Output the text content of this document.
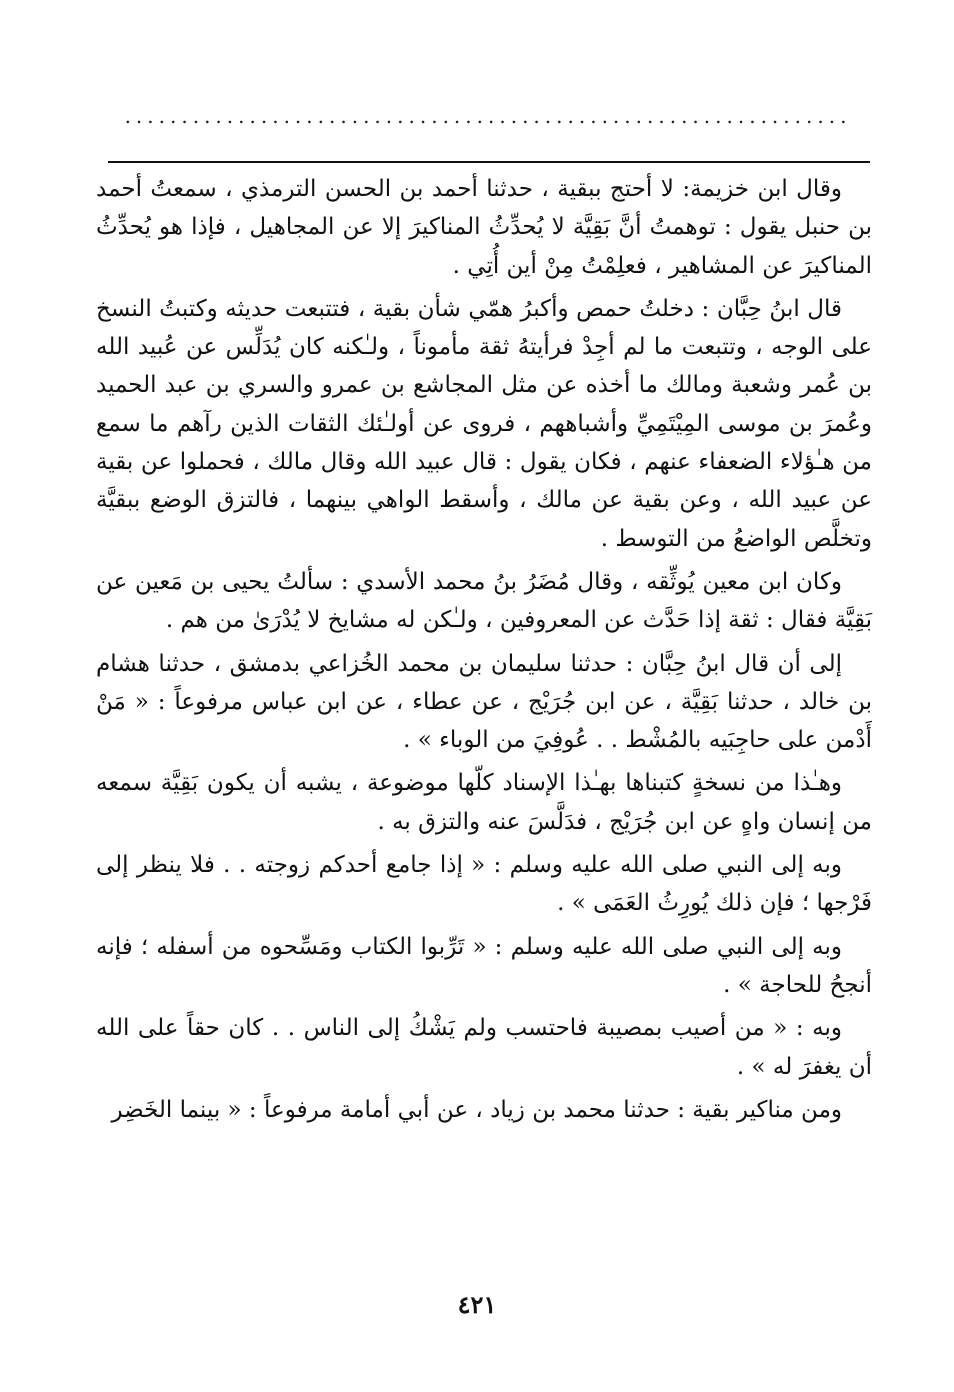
................................................................

وقال ابن خزيمة: لا أحتج ببقية ، حدثنا أحمد بن الحسن الترمذي ، سمعتُ أحمد بن حنبل يقول : توهمتُ أنَّ بَقِيَّة لا يُحدِّثُ المناكيرَ إلا عن المجاهيل ، فإذا هو يُحدِّثُ المناكيرَ عن المشاهير ، فعلِمْتُ مِنْ أين أُتِي .

قال ابنُ حِبَّان : دخلتُ حمص وأكبرُ همّي شأن بقية ، فتتبعت حديثه وكتبتُ النسخ على الوجه ، وتتبعت ما لم أجِدْ فرأيتهُ ثقة مأموناً ، ولـٰكنه كان يُدَلِّس عن عُبيد الله بن عُمر وشعبة ومالك ما أخذه عن مثل المجاشع بن عمرو والسري بن عبد الحميد وعُمرَ بن موسى المِيْتَمِيِّ وأشباههم ، فروى عن أولـٰئك الثقات الذين رآهم ما سمع من هـٰؤلاء الضعفاء عنهم ، فكان يقول : قال عبيد الله وقال مالك ، فحملوا عن بقية عن عبيد الله ، وعن بقية عن مالك ، وأسقط الواهي بينهما ، فالتزق الوضع ببقيَّة وتخلَّص الواضعُ من التوسط .

وكان ابن معين يُوثِّقه ، وقال مُضَرُ بنُ محمد الأسدي : سألتُ يحيى بن مَعين عن بَقِيَّة فقال : ثقة إذا حَدَّث عن المعروفين ، ولـٰكن له مشايخ لا يُدْرَىٰ من هم .

إلى أن قال ابنُ حِبَّان : حدثنا سليمان بن محمد الخُزاعي بدمشق ، حدثنا هشام بن خالد ، حدثنا بَقِيَّة ، عن ابن جُرَيْج ، عن عطاء ، عن ابن عباس مرفوعاً : « مَنْ أَدْمن على حاجِبَيه بالمُشْط . . عُوفِيَ من الوباء » .

وهـٰذا من نسخةٍ كتبناها بهـٰذا الإسناد كلّها موضوعة ، يشبه أن يكون بَقِيَّة سمعه من إنسان واهٍ عن ابن جُرَيْج ، فدَلَّسَ عنه والتزق به .

وبه إلى النبي صلى الله عليه وسلم : « إذا جامع أحدكم زوجته . . فلا ينظر إلى فَرْجها ؛ فإن ذلك يُورِثُ العَمَى » .

وبه إلى النبي صلى الله عليه وسلم : « تَرِّبوا الكتاب ومَسِّحوه من أسفله ؛ فإنه أنجحُ للحاجة » .

وبه : « من أصيب بمصيبة فاحتسب ولم يَشْكُ إلى الناس . . كان حقاً على الله أن يغفرَ له » .

ومن مناكير بقية : حدثنا محمد بن زياد ، عن أبي أمامة مرفوعاً : « بينما الخَضِر

٤٢١
